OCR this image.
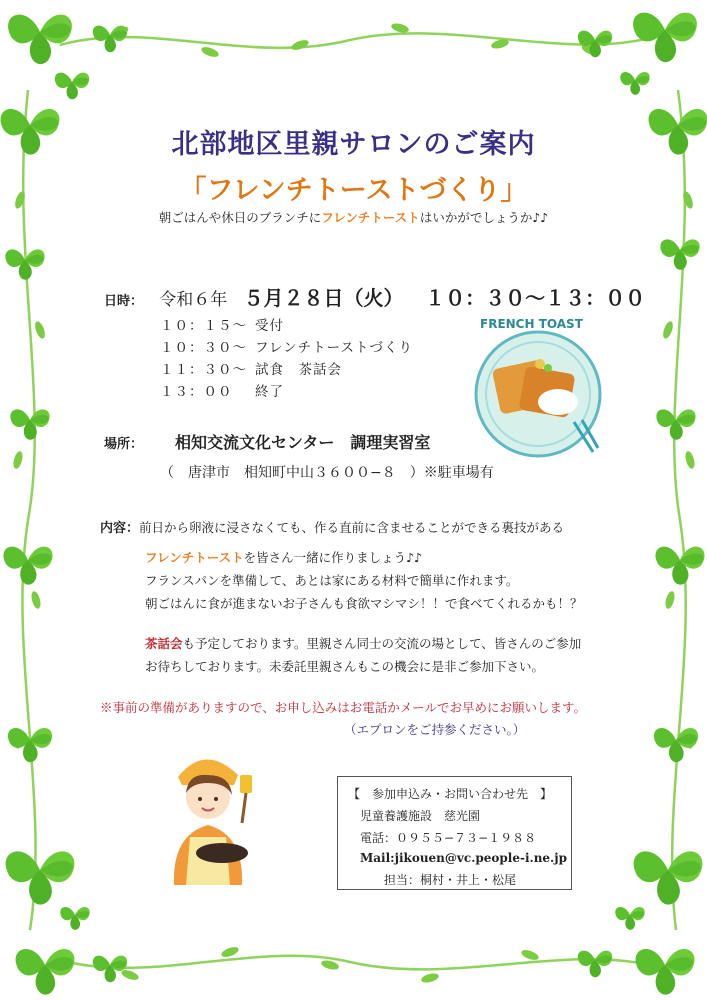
北部地区里親サロンのご案内
「フレンチトーストづくり」
朝ごはんや休日のブランチにフレンチトーストはいかがでしょうか♪♪
日時： 令和６年 ５月２８日（火） １０：３０〜１３：００
１０：１５〜 受付
１０：３０〜 フレンチトーストづくり
１１：３０〜 試食　茶話会
１３：００ 終了
FRENCH TOAST
場所： 相知交流文化センター　調理実習室
（　唐津市　相知町中山３６００−８　）※駐車場有
内容：前日から卵液に浸さなくても、作る直前に含ませることができる裏技がある
フレンチトーストを皆さん一緒に作りましょう♪♪
フランスパンを準備して、あとは家にある材料で簡単に作れます。
朝ごはんに食が進まないお子さんも食欲マシマシ！！で食べてくれるかも！？
茶話会も予定しております。里親さん同士の交流の場として、皆さんのご参加
お待ちしております。未委託里親さんもこの機会に是非ご参加下さい。
※事前の準備がありますので、お申し込みはお電話かメールでお早めにお願いします。
（エプロンをご持参ください。）
【　参加申込み・お問い合わせ先　】
児童養護施設　慈光園
電話：０９５５−７３−１９８８
Mail:jikouen@vc.people-i.ne.jp
担当：桐村・井上・松尾
